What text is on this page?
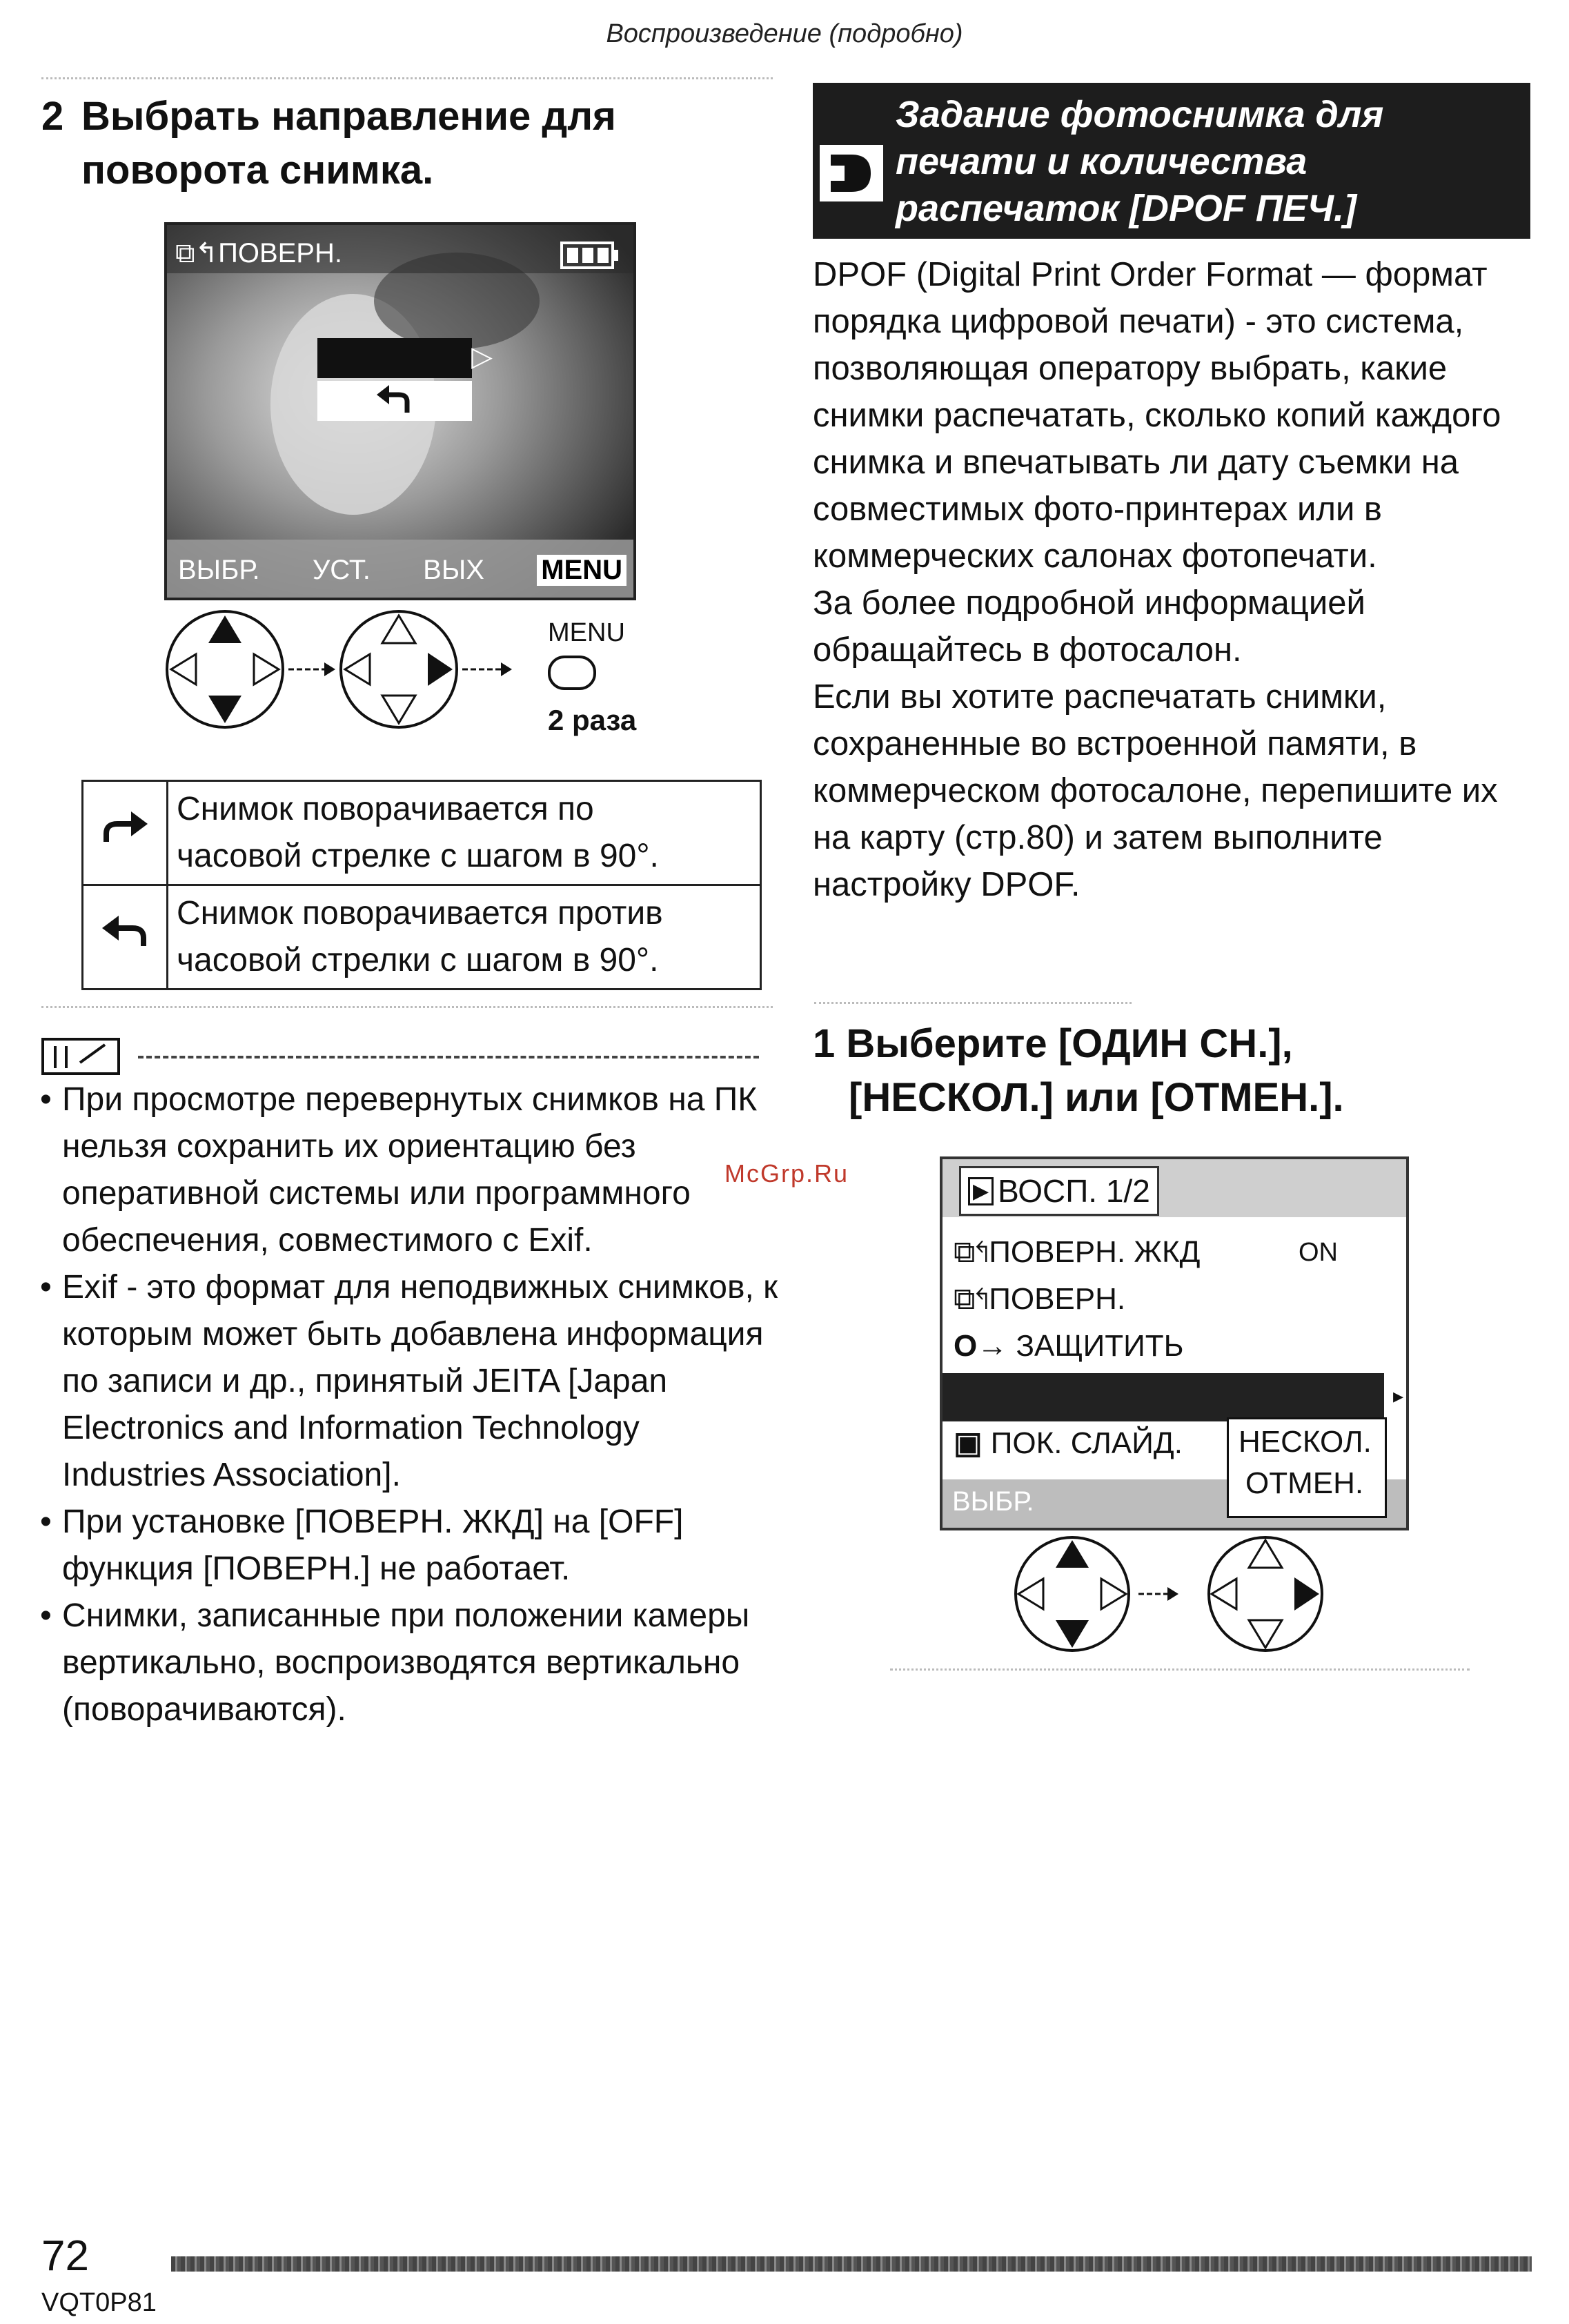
Воспроизведение (подробно)
2 Выбрать направление для
поворота снимка.
⧉↰ПОВЕРН.
▷
ВЫБР. УСТ. ВЫХ MENU
MENU
2 раза

Снимок поворачивается по
часовой стрелке с шагом в 90°.

Снимок поворачивается против
часовой стрелки с шагом в 90°.
• При просмотре перевернутых снимков на ПК нельзя сохранить их ориентацию без оперативной системы или программного обеспечения, совместимого с Exif.
• Exif - это формат для неподвижных снимков, к которым может быть добавлена информация по записи и др., принятый JEITA [Japan Electronics and Information Technology Industries Association].
• При установке [ПОВЕРН. ЖКД] на [OFF] функция [ПОВЕРН.] не работает.
• Снимки, записанные при положении камеры вертикально, воспроизводятся вертикально (поворачиваются).
Задание фотоснимка для
печати и количества
распечаток [DPOF ПЕЧ.]

DPOF (Digital Print Order Format — формат порядка цифровой печати) - это система, позволяющая оператору выбрать, какие снимки распечатать, сколько копий каждого снимка и впечатывать ли дату съемки на совместимых фото-принтерах или в коммерческих салонах фотопечати.

За более подробной информацией обращайтесь в фотосалон.

Если вы хотите распечатать снимки, сохраненные во встроенной памяти, в коммерческом фотосалоне, перепишите их на карту (стр.80) и затем выполните настройку DPOF.

1 Выберите [ОДИН СН.],
[НЕСКОЛ.] или [ОТМЕН.].
McGrp.Ru
▶ ВОСП.
1/2
⧉↰ПОВЕРН. ЖКД	ON
⧉↰ПОВЕРН.
O→ ЗАЩИТИТЬ
▸
▣ ПОК. СЛАЙД.
ВЫБР.
НЕСКОЛ.
ОТМЕН.
72
VQT0P81
